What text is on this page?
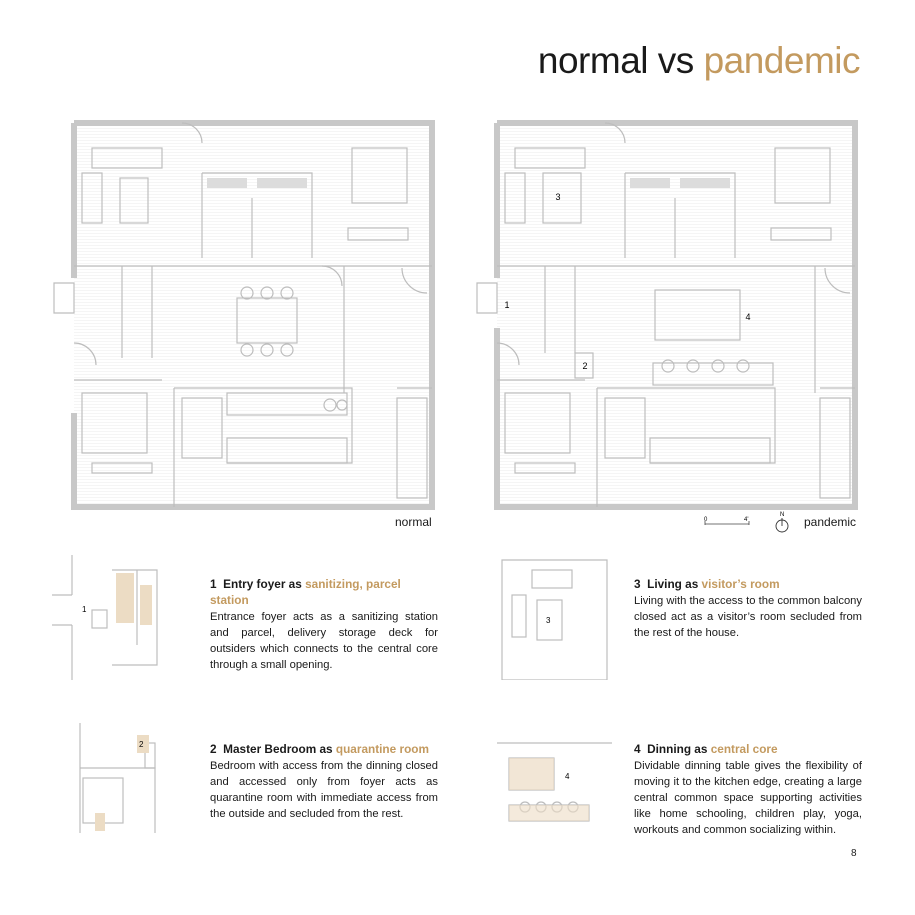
normal vs pandemic
3
1
4
2
normal	pandemic
0	4'
N
1
2
3
4
1 Entry foyer as sanitizing, parcel station

Entrance foyer acts as a sanitizing station and parcel, delivery storage deck for outsiders which connects to the central core through a small opening.

2 Master Bedroom as quarantine room

Bedroom with access from the dinning closed and accessed only from foyer acts as quarantine room with immediate access from the outside and secluded from the rest.

3 Living as visitor’s room

Living with the access to the common balcony closed act as a visitor’s room secluded from the rest of the house.

4 Dinning as central core

Dividable dinning table gives the flexibility of moving it to the kitchen edge, creating a large central common space supporting activities like home schooling, children play, yoga, workouts and common socializing within.

8
